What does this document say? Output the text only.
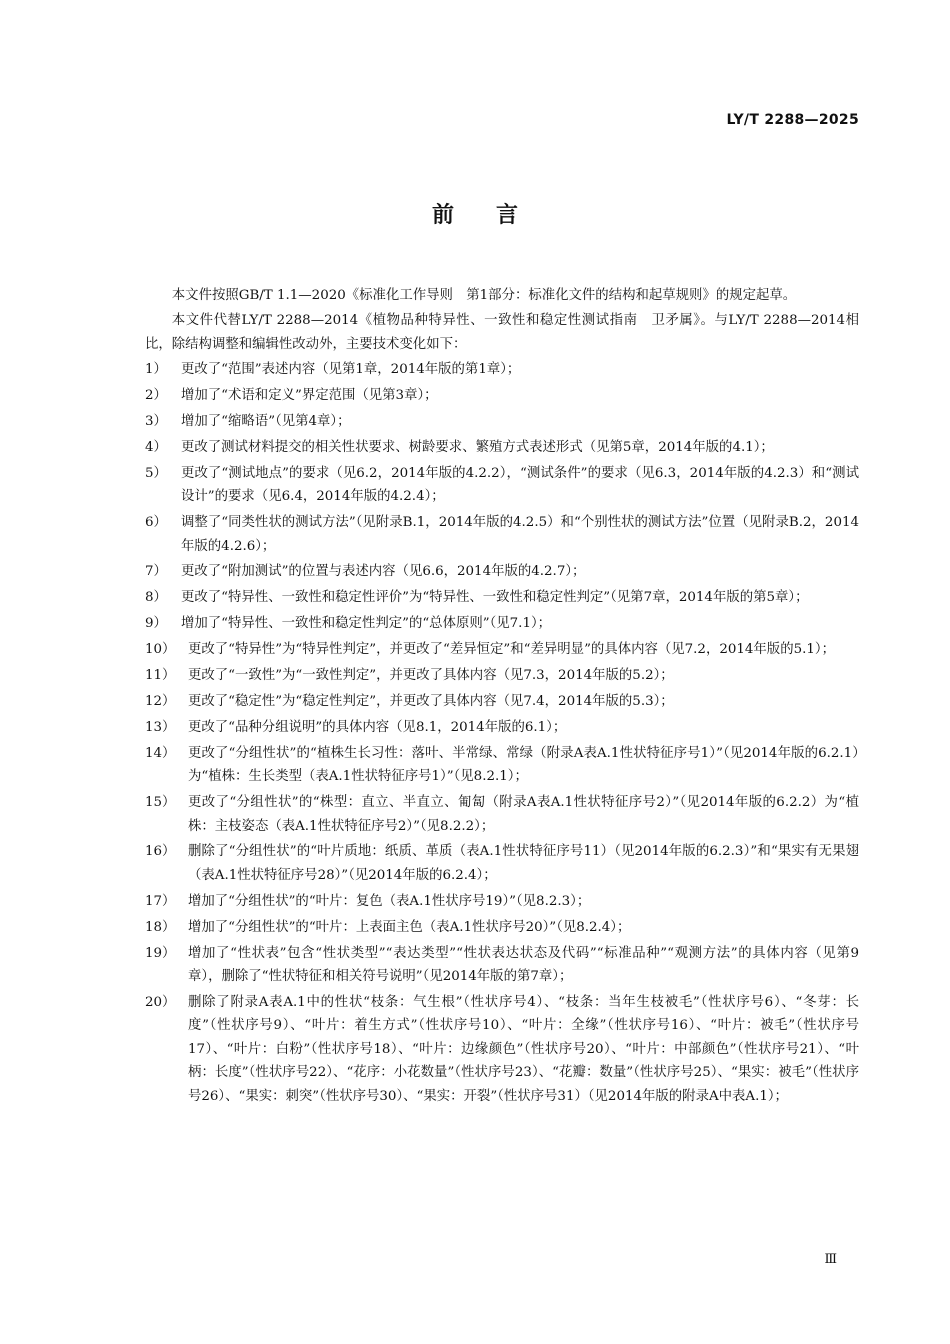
LY/T 2288—2025
前言

本文件按照GB/T 1.1—2020《标准化工作导则　第1部分：标准化文件的结构和起草规则》的规定起草。

本文件代替LY/T 2288—2014《植物品种特异性、一致性和稳定性测试指南　卫矛属》。与LY/T 2288—2014相比，除结构调整和编辑性改动外，主要技术变化如下：

1）	更改了“范围”表述内容（见第1章，2014年版的第1章）；
2）	增加了“术语和定义”界定范围（见第3章）；
3）	增加了“缩略语”（见第4章）；
4）	更改了测试材料提交的相关性状要求、树龄要求、繁殖方式表述形式（见第5章，2014年版的4.1）；
5）	更改了“测试地点”的要求（见6.2，2014年版的4.2.2），“测试条件”的要求（见6.3，2014年版的4.2.3）和“测试设计”的要求（见6.4，2014年版的4.2.4）；
6）	调整了“同类性状的测试方法”（见附录B.1，2014年版的4.2.5）和“个别性状的测试方法”位置（见附录B.2，2014年版的4.2.6）；
7）	更改了“附加测试”的位置与表述内容（见6.6，2014年版的4.2.7）；
8）	更改了“特异性、一致性和稳定性评价”为“特异性、一致性和稳定性判定”（见第7章，2014年版的第5章）；
9）	增加了“特异性、一致性和稳定性判定”的“总体原则”（见7.1）；
10） 更改了“特异性”为“特异性判定”，并更改了“差异恒定”和“差异明显”的具体内容（见7.2，2014年版的5.1）；
11） 更改了“一致性”为“一致性判定”，并更改了具体内容（见7.3，2014年版的5.2）；
12） 更改了“稳定性”为“稳定性判定”，并更改了具体内容（见7.4，2014年版的5.3）；
13） 更改了“品种分组说明”的具体内容（见8.1，2014年版的6.1）；
14） 更改了“分组性状”的“植株生长习性：落叶、半常绿、常绿（附录A表A.1性状特征序号1）”（见2014年版的6.2.1）为“植株：生长类型（表A.1性状特征序号1）”（见8.2.1）；
15） 更改了“分组性状”的“株型：直立、半直立、匍匐（附录A表A.1性状特征序号2）”（见2014年版的6.2.2）为“植株：主枝姿态（表A.1性状特征序号2）”（见8.2.2）；
16） 删除了“分组性状”的“叶片质地：纸质、革质（表A.1性状特征序号11）（见2014年版的6.2.3）”和“果实有无果翅（表A.1性状特征序号28）”（见2014年版的6.2.4）；
17） 增加了“分组性状”的“叶片：复色（表A.1性状序号19）”（见8.2.3）；
18） 增加了“分组性状”的“叶片：上表面主色（表A.1性状序号20）”（见8.2.4）；
19） 增加了“性状表”包含“性状类型”“表达类型”“性状表达状态及代码”“标准品种”“观测方法”的具体内容（见第9章），删除了“性状特征和相关符号说明”（见2014年版的第7章）；
20） 删除了附录A表A.1中的性状“枝条：气生根”（性状序号4）、“枝条：当年生枝被毛”（性状序号6）、“冬芽：长度”（性状序号9）、“叶片：着生方式”（性状序号10）、“叶片：全缘”（性状序号16）、“叶片：被毛”（性状序号17）、“叶片：白粉”（性状序号18）、“叶片：边缘颜色”（性状序号20）、“叶片：中部颜色”（性状序号21）、“叶柄：长度”（性状序号22）、“花序：小花数量”（性状序号23）、“花瓣：数量”（性状序号25）、“果实：被毛”（性状序号26）、“果实：刺突”（性状序号30）、“果实：开裂”（性状序号31）（见2014年版的附录A中表A.1）；
Ⅲ
